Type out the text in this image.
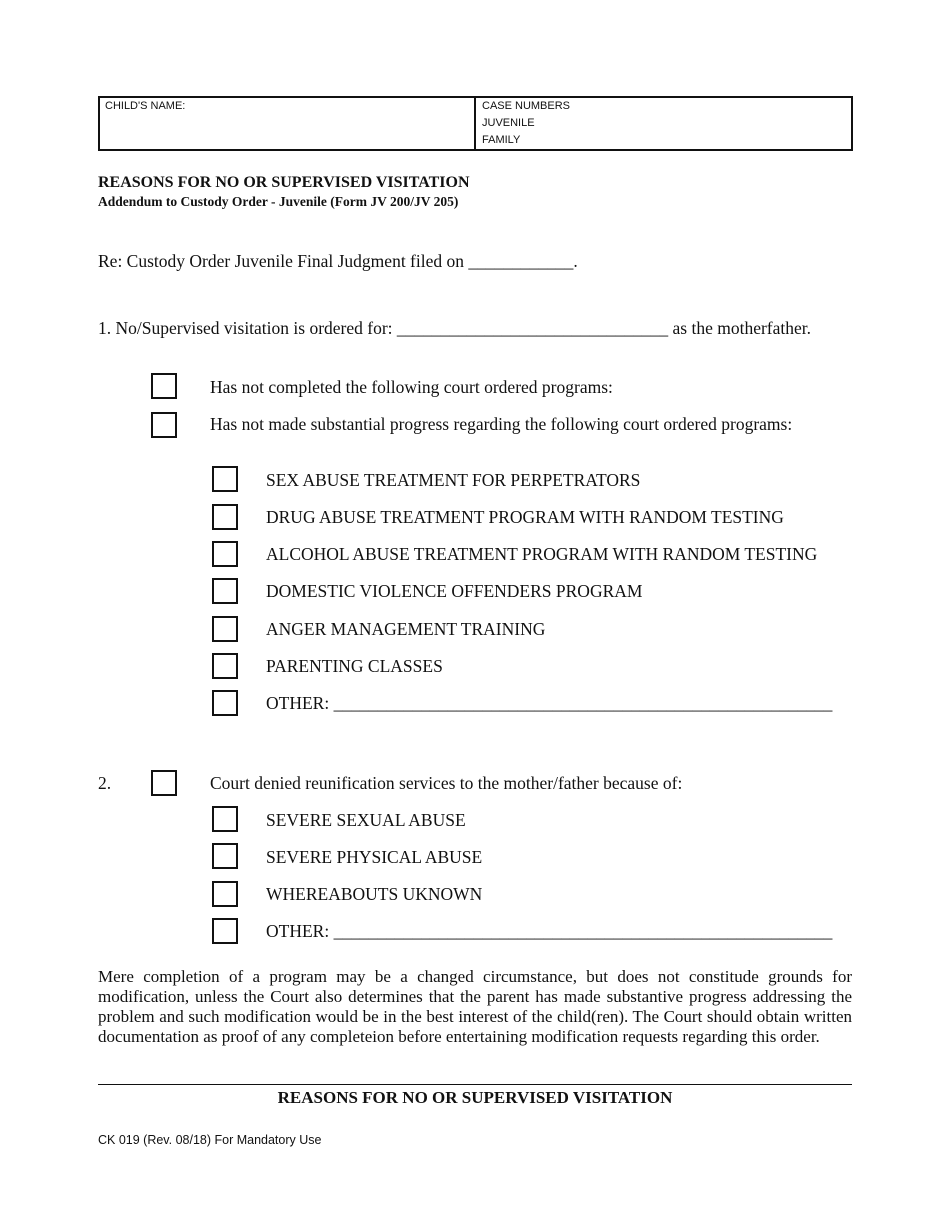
CHILD'S NAME:	CASE NUMBERS
JUVENILE
FAMILY
REASONS FOR NO OR SUPERVISED VISITATION
Addendum to Custody Order - Juvenile (Form JV 200/JV 205)
Re: Custody Order Juvenile Final Judgment filed on ____________.
1. No/Supervised visitation is ordered for: _______________________________ as the motherfather.
Has not completed the following court ordered programs:
Has not made substantial progress regarding the following court ordered programs:
SEX ABUSE TREATMENT FOR PERPETRATORS
DRUG ABUSE TREATMENT PROGRAM WITH RANDOM TESTING
ALCOHOL ABUSE TREATMENT PROGRAM WITH RANDOM TESTING
DOMESTIC VIOLENCE OFFENDERS PROGRAM
ANGER MANAGEMENT TRAINING
PARENTING CLASSES
OTHER: _________________________________________________________
2.	Court denied reunification services to the mother/father because of:
SEVERE SEXUAL ABUSE
SEVERE PHYSICAL ABUSE
WHEREABOUTS UKNOWN
OTHER: _________________________________________________________
Mere completion of a program may be a changed circumstance, but does not constitude grounds for modification, unless the Court also determines that the parent has made substantive progress addressing the problem and such modification would be in the best interest of the child(ren). The Court should obtain written documentation as proof of any completeion before entertaining modification requests regarding this order.
REASONS FOR NO OR SUPERVISED VISITATION
CK 019 (Rev. 08/18) For Mandatory Use
